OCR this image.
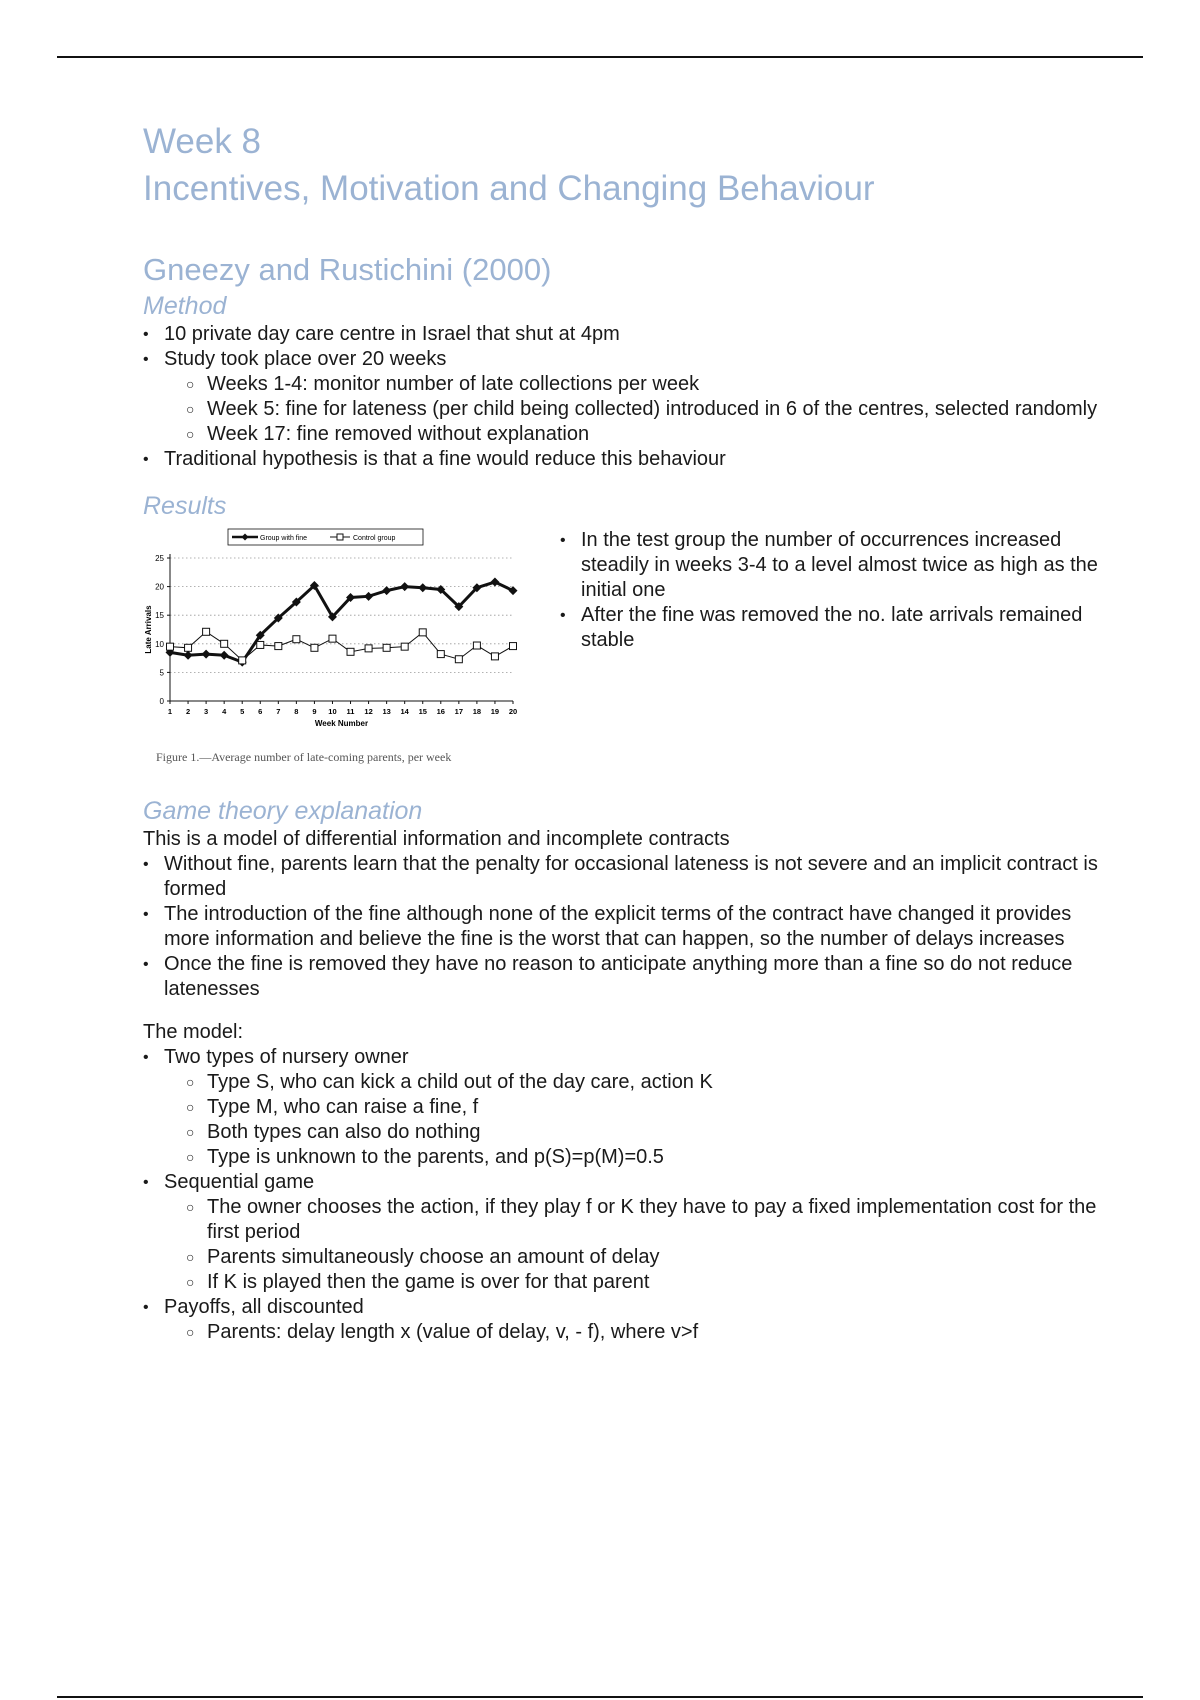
Week 8
Incentives, Motivation and Changing Behaviour
Gneezy and Rustichini (2000)
Method
• 10 private day care centre in Israel that shut at 4pm
• Study took place over 20 weeks
○ Weeks 1-4: monitor number of late collections per week
○ Week 5: fine for lateness (per child being collected) introduced in 6 of the centres, selected randomly
○ Week 17: fine removed without explanation
• Traditional hypothesis is that a fine would reduce this behaviour
Results
0
5
10
15
20
25
1 2 3 4 5 6 7 8 9 10 11 12 13 14 15 16 17 18 19 20
Week Number
Late Arrivals
Group with fine	Control group
Figure 1.—Average number of late-coming parents, per week
• In the test group the number of occurrences increased steadily in weeks 3-4 to a level almost twice as high as the initial one
• After the fine was removed the no. late arrivals remained stable
Game theory explanation

This is a model of differential information and incomplete contracts

• Without fine, parents learn that the penalty for occasional lateness is not severe and an implicit contract is formed
• The introduction of the fine although none of the explicit terms of the contract have changed it provides more information and believe the fine is the worst that can happen, so the number of delays increases
• Once the fine is removed they have no reason to anticipate anything more than a fine so do not reduce latenesses

The model:

• Two types of nursery owner
○ Type S, who can kick a child out of the day care, action K
○ Type M, who can raise a fine, f
○ Both types can also do nothing
○ Type is unknown to the parents, and p(S)=p(M)=0.5
• Sequential game
○ The owner chooses the action, if they play f or K they have to pay a fixed implementation cost for the first period
○ Parents simultaneously choose an amount of delay
○ If K is played then the game is over for that parent
• Payoffs, all discounted
○ Parents: delay length x (value of delay, v, - f), where v>f
